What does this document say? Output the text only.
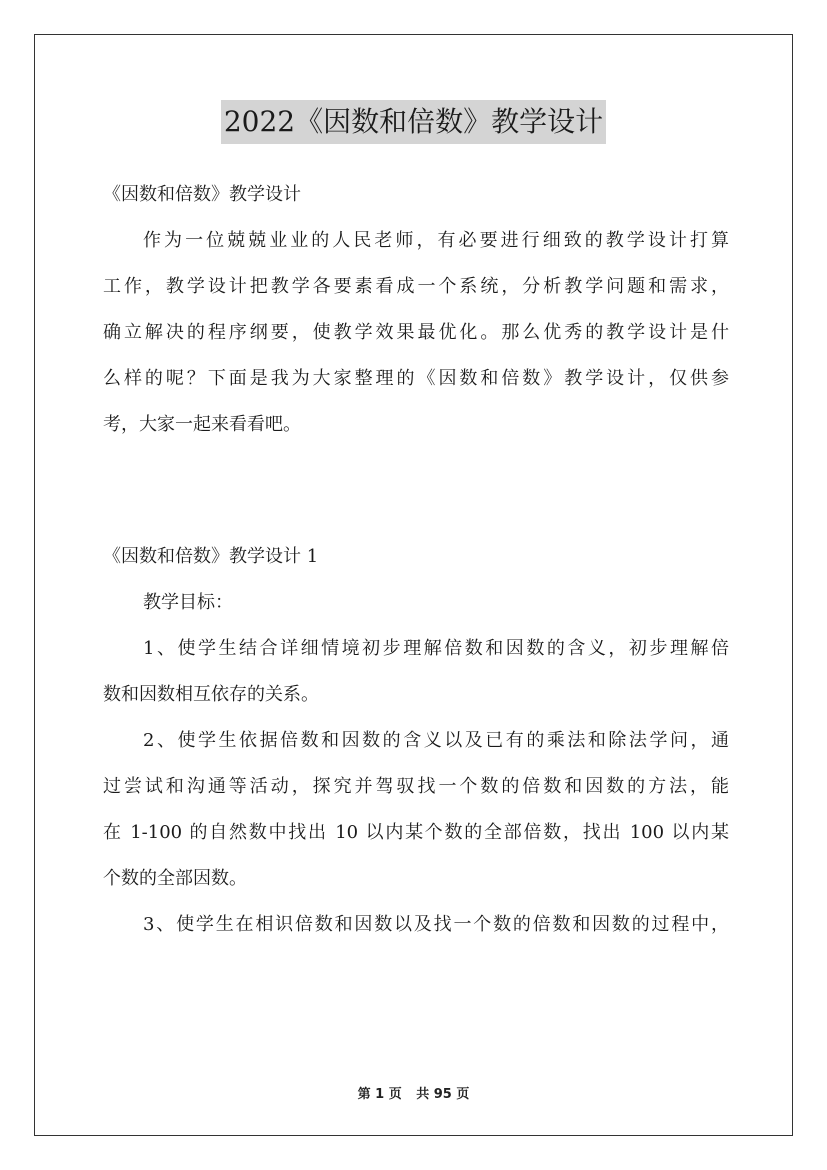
2022《因数和倍数》教学设计
《因数和倍数》教学设计
作为一位兢兢业业的人民老师，有必要进行细致的教学设计打算
工作，教学设计把教学各要素看成一个系统，分析教学问题和需求，
确立解决的程序纲要，使教学效果最优化。那么优秀的教学设计是什
么样的呢？下面是我为大家整理的《因数和倍数》教学设计，仅供参
考，大家一起来看看吧。
《因数和倍数》教学设计 1
教学目标：
1、使学生结合详细情境初步理解倍数和因数的含义，初步理解倍
数和因数相互依存的关系。
2、使学生依据倍数和因数的含义以及已有的乘法和除法学问，通
过尝试和沟通等活动，探究并驾驭找一个数的倍数和因数的方法，能
在 1-100 的自然数中找出 10 以内某个数的全部倍数，找出 100 以内某
个数的全部因数。
3、使学生在相识倍数和因数以及找一个数的倍数和因数的过程中，
第 1 页 共 95 页
